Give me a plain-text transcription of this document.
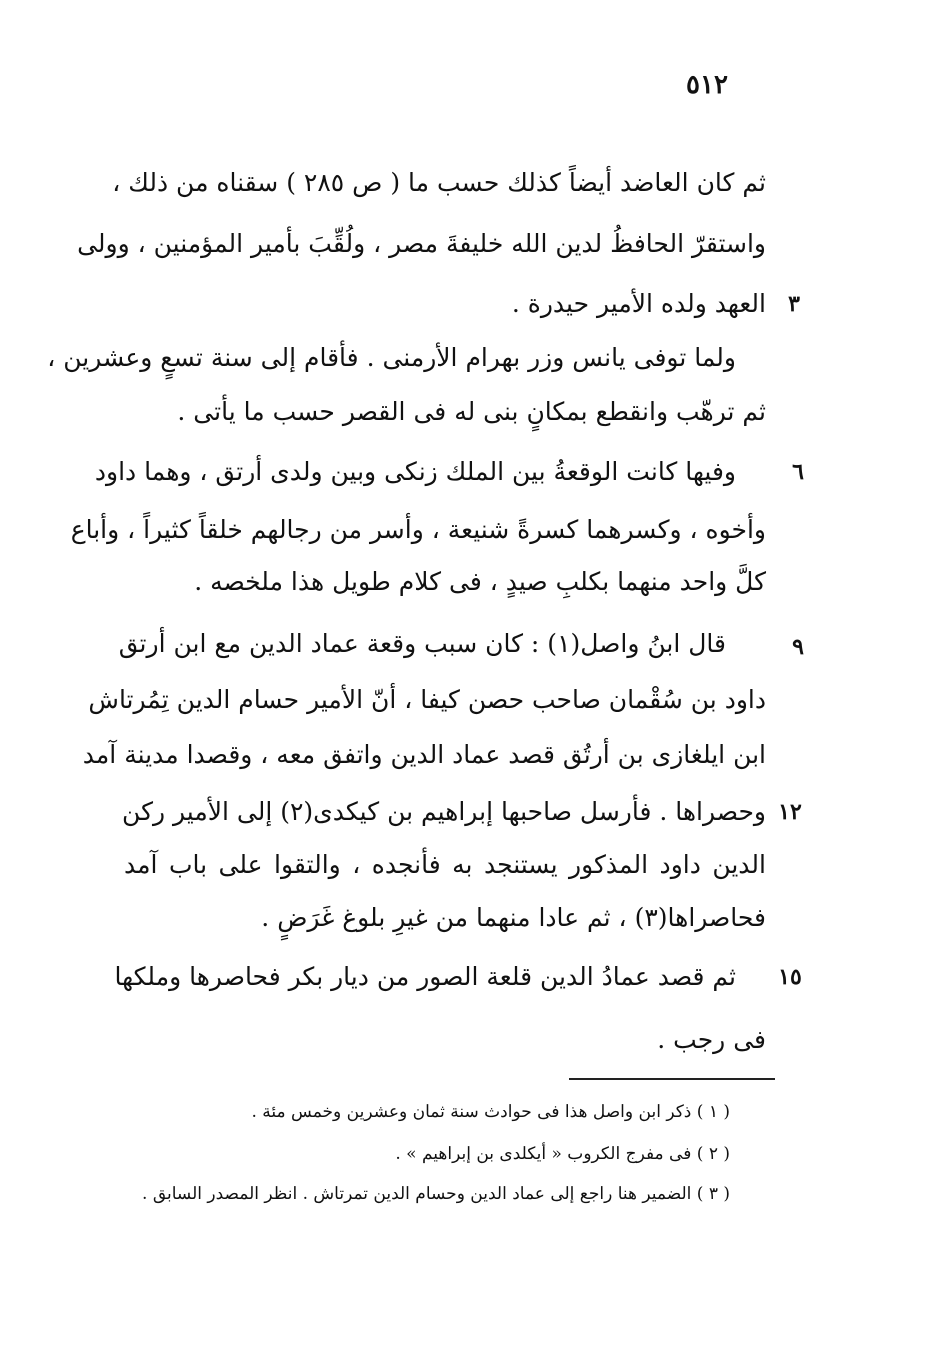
٥١٢
ثم كان العاضد أيضاً كذلك حسب ما ( ص ٢٨٥ ) سقناه من ذلك ،
واستقرّ الحافظُ لدين الله خليفةَ مصر ، ولُقِّبَ بأمير المؤمنين ، وولى
العهد ولده الأمير حيدرة .
ولما توفى يانس وزر بهرام الأرمنى . فأقام إلى سنة تسعٍ وعشرين ،
ثم ترهّب وانقطع بمكانٍ بنى له فى القصر حسب ما يأتى .
وفيها كانت الوقعةُ بين الملك زنكى وبين ولدى أرتق ، وهما داود
وأخوه ، وكسرهما كسرةً شنيعة ، وأسر من رجالهم خلقاً كثيراً ، وأباع
كلَّ واحد منهما بكلبِ صيدٍ ، فى كلام طويل هذا ملخصه .
قال ابنُ واصل(١) : كان سبب وقعة عماد الدين مع ابن أرتق
داود بن سُقْمان صاحب حصن كيفا ، أنّ الأمير حسام الدين تِمُرتاش
ابن ايلغازى بن أرتُق قصد عماد الدين واتفق معه ، وقصدا مدينة آمد
وحصراها . فأرسل صاحبها إبراهيم بن كيكدى(٢) إلى الأمير ركن
الدين داود المذكور يستنجد به فأنجده ، والتقوا على باب آمد
فحاصراها(٣) ، ثم عادا منهما من غيرِ بلوغ غَرَضٍ .
ثم قصد عمادُ الدين قلعة الصور من ديار بكر فحاصرها وملكها
فى رجب .
٣
٦
٩
١٢
١٥
( ١ ) ذكر ابن واصل هذا فى حوادث سنة ثمان وعشرين وخمس مئة .
( ٢ ) فى مفرج الكروب « أيكلدى بن إبراهيم » .
( ٣ ) الضمير هنا راجع إلى عماد الدين وحسام الدين تمرتاش . انظر المصدر السابق .
